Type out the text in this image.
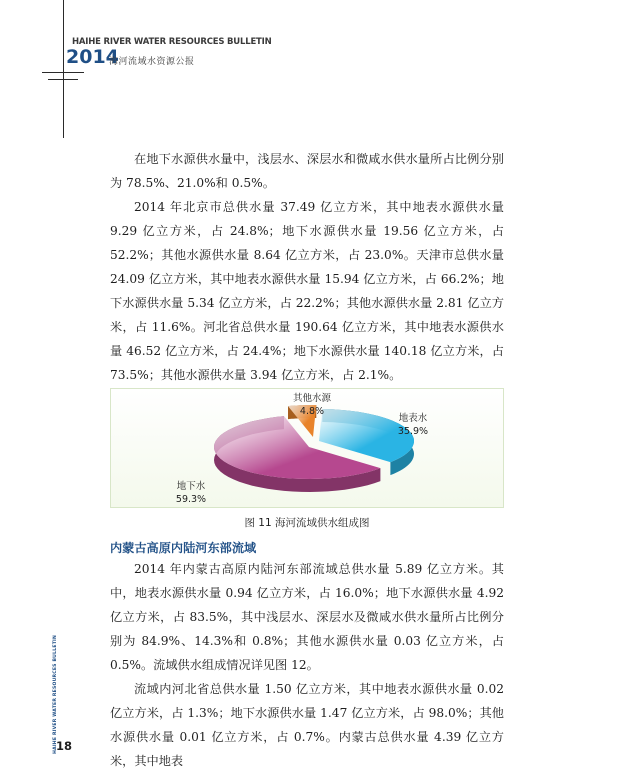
HAIHE RIVER WATER RESOURCES BULLETIN
2014
海河流域水资源公报

在地下水源供水量中，浅层水、深层水和微咸水供水量所占比例分别为 78.5%、21.0%和 0.5%。

2014 年北京市总供水量 37.49 亿立方米，其中地表水源供水量 9.29 亿立方米，占 24.8%；地下水源供水量 19.56 亿立方米，占 52.2%；其他水源供水量 8.64 亿立方米，占 23.0%。天津市总供水量 24.09 亿立方米，其中地表水源供水量 15.94 亿立方米，占 66.2%；地下水源供水量 5.34 亿立方米，占 22.2%；其他水源供水量 2.81 亿立方米，占 11.6%。河北省总供水量 190.64 亿立方米，其中地表水源供水量 46.52 亿立方米，占 24.4%；地下水源供水量 140.18 亿立方米，占 73.5%；其他水源供水量 3.94 亿立方米，占 2.1%。

地表水
35.9%
地下水
59.3%
其他水源
4.8%
图 11 海河流域供水组成图
内蒙古高原内陆河东部流域

2014 年内蒙古高原内陆河东部流域总供水量 5.89 亿立方米。其中，地表水源供水量 0.94 亿立方米，占 16.0%；地下水源供水量 4.92 亿立方米，占 83.5%，其中浅层水、深层水及微咸水供水量所占比例分别为 84.9%、14.3%和 0.8%；其他水源供水量 0.03 亿立方米，占 0.5%。流域供水组成情况详见图 12。

流域内河北省总供水量 1.50 亿立方米，其中地表水源供水量 0.02 亿立方米，占 1.3%；地下水源供水量 1.47 亿立方米，占 98.0%；其他水源供水量 0.01 亿立方米，占 0.7%。内蒙古总供水量 4.39 亿立方米，其中地表

HAIHE RIVER WATER RESOURCES BULLETIN
18
